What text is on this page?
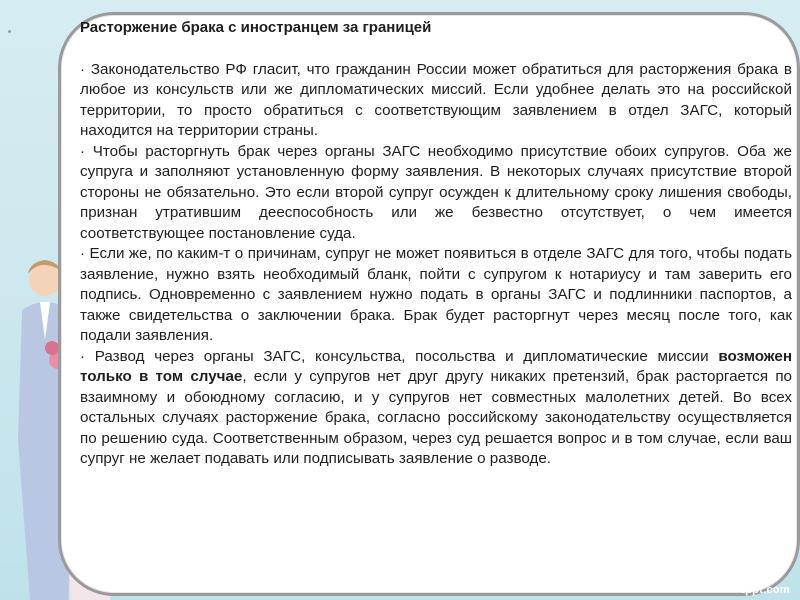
Расторжение брака с иностранцем за границей

· Законодательство РФ гласит, что гражданин России может обратиться для расторжения брака в любое из консульств или же дипломатических миссий. Если удобнее делать это на российской территории, то просто обратиться с соответствующим заявлением в отдел ЗАГС, который находится на территории страны.

· Чтобы расторгнуть брак через органы ЗАГС необходимо присутствие обоих супругов. Оба же супруга и заполняют установленную форму заявления. В некоторых случаях присутствие второй стороны не обязательно. Это если второй супруг осужден к длительному сроку лишения свободы, признан утратившим дееспособность или же безвестно отсутствует, о чем имеется соответствующее постановление суда.

· Если же, по каким-т о причинам, супруг не может появиться в отделе ЗАГС для того, чтобы подать заявление, нужно взять необходимый бланк, пойти с супругом к нотариусу и там заверить его подпись. Одновременно с заявлением нужно подать в органы ЗАГС и подлинники паспортов, а также свидетельства о заключении брака. Брак будет расторгнут через месяц после того, как подали заявления.

· Развод через органы ЗАГС, консульства, посольства и дипломатические миссии возможен только в том случае, если у супругов нет друг другу никаких претензий, брак расторгается по взаимному и обоюдному согласию, и у супругов нет совместных малолетних детей. Во всех остальных случаях расторжение брака, согласно российскому законодательству осуществляется по решению суда. Соответственным образом, через суд решается вопрос и в том случае, если ваш супруг не желает подавать или подписывать заявление о разводе.

fppt.com
